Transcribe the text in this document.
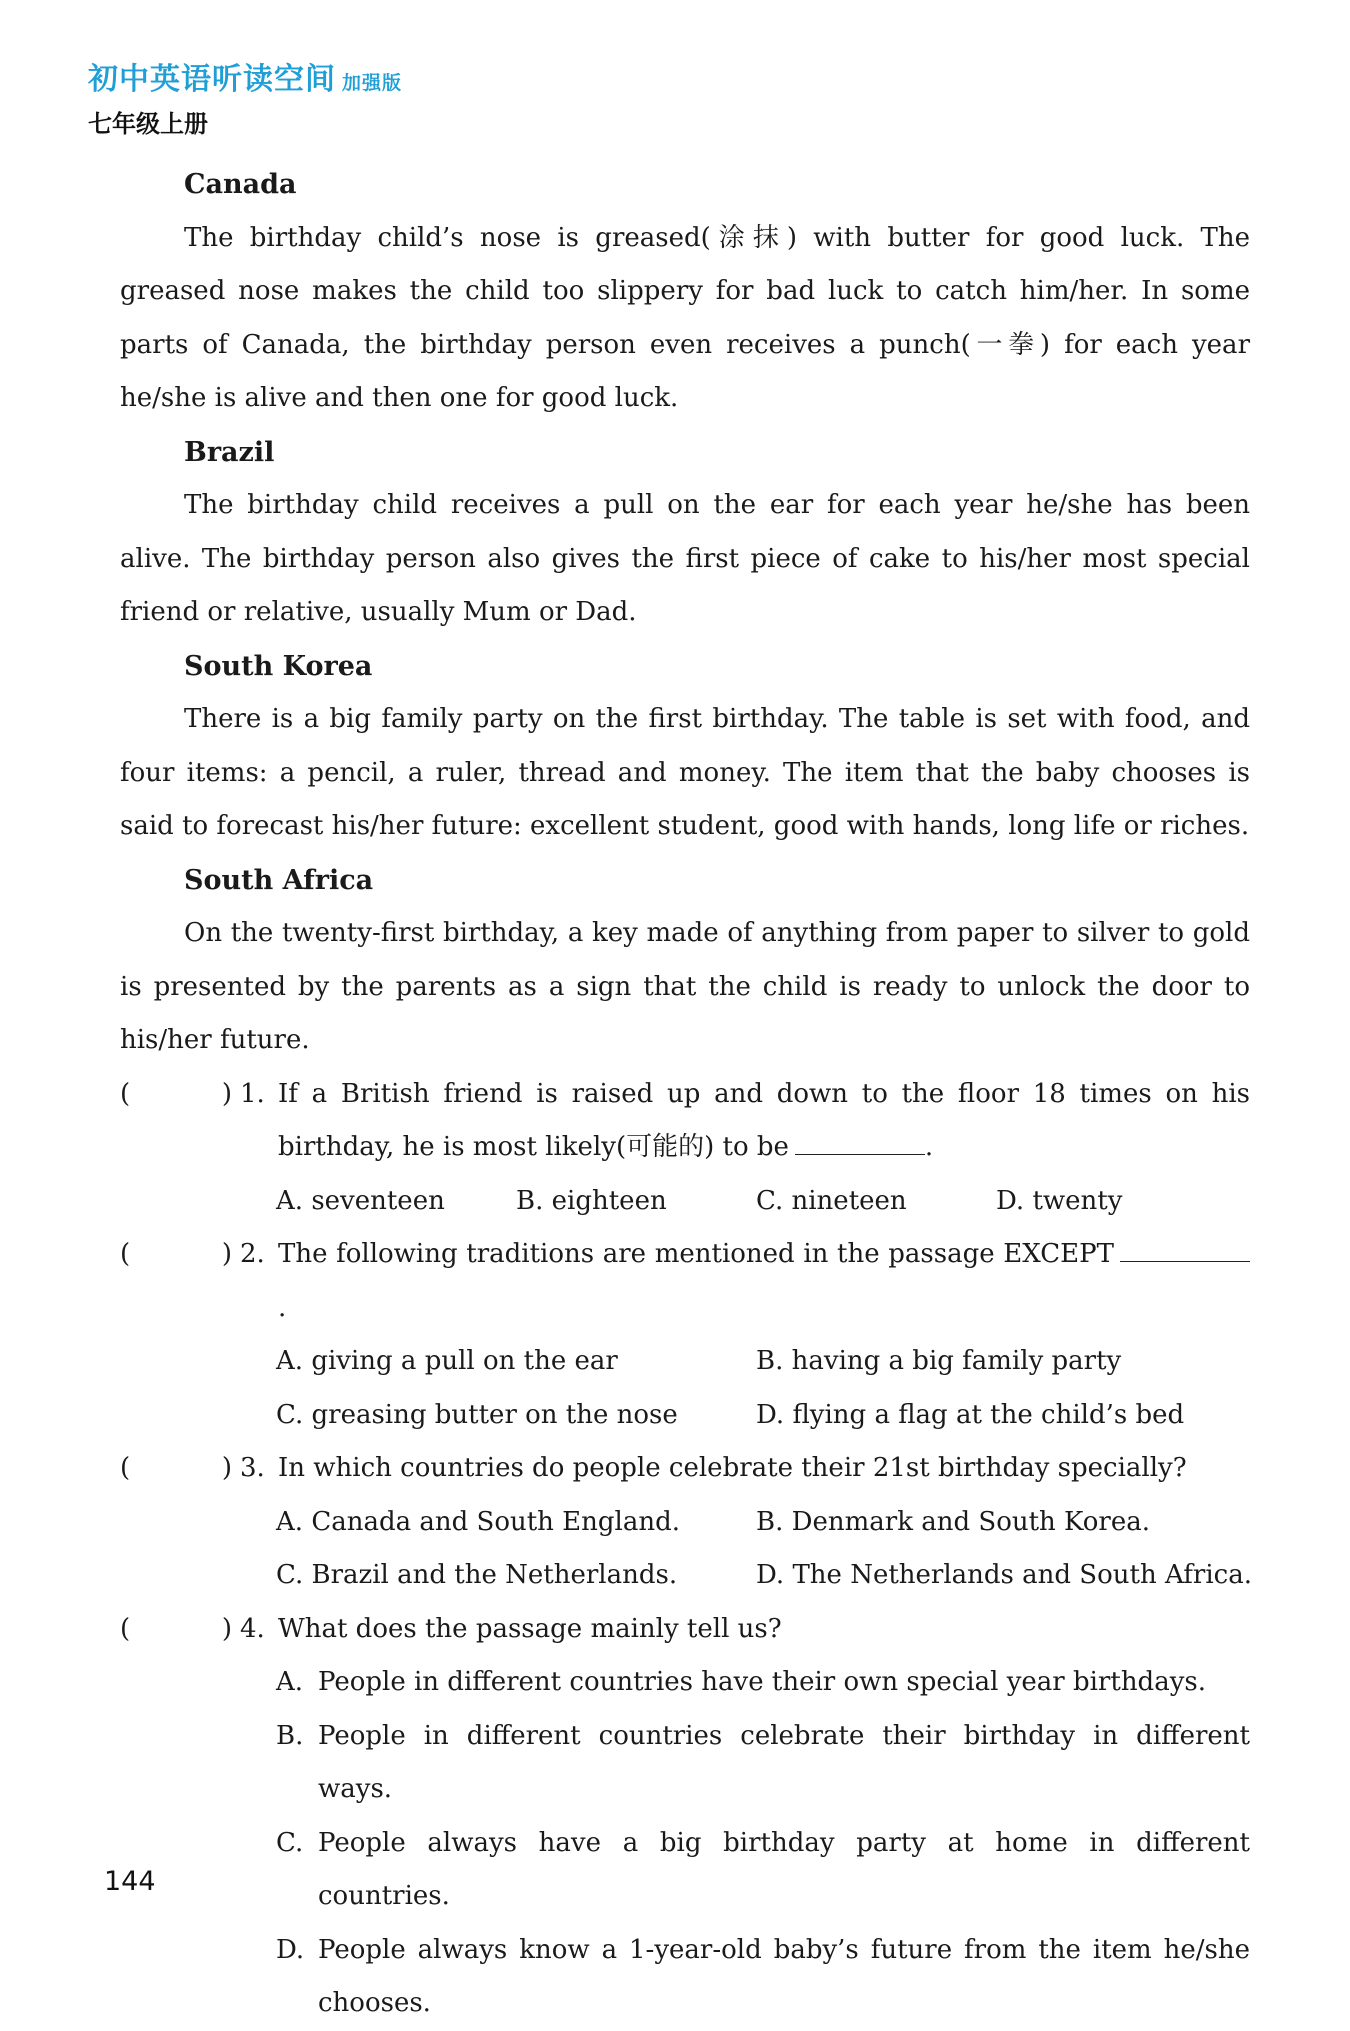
初中英语听读空间 加强版
七年级上册
Canada

The birthday child’s nose is greased(涂抹) with butter for good luck. The greased nose makes the child too slippery for bad luck to catch him/her. In some parts of Canada, the birthday person even receives a punch(一拳) for each year he/she is alive and then one for good luck.

Brazil

The birthday child receives a pull on the ear for each year he/she has been alive. The birthday person also gives the first piece of cake to his/her most special friend or relative, usually Mum or Dad.

South Korea

There is a big family party on the first birthday. The table is set with food, and four items: a pencil, a ruler, thread and money. The item that the baby chooses is said to forecast his/her future: excellent student, good with hands, long life or riches.

South Africa

On the twenty-first birthday, a key made of anything from paper to silver to gold is presented by the parents as a sign that the child is ready to unlock the door to his/her future.

(	) 1. If a British friend is raised up and down to the floor 18 times on his birthday, he is most likely(可能的) to be	.
A. seventeen	B. eighteen	C. nineteen	D. twenty
(	) 2. The following traditions are mentioned in the passage EXCEPT.
A. giving a pull on the ear	B. having a big family party
C. greasing butter on the nose	D. flying a flag at the child’s bed
(	) 3. In which countries do people celebrate their 21st birthday specially?
A. Canada and South England.	B. Denmark and South Korea.
C. Brazil and the Netherlands.	D. The Netherlands and South Africa.
(	) 4. What does the passage mainly tell us?
A. People in different countries have their own special year birthdays.
B. People in different countries celebrate their birthday in different ways.
C. People always have a big birthday party at home in different countries.
D. People always know a 1-year-old baby’s future from the item he/she chooses.
144
